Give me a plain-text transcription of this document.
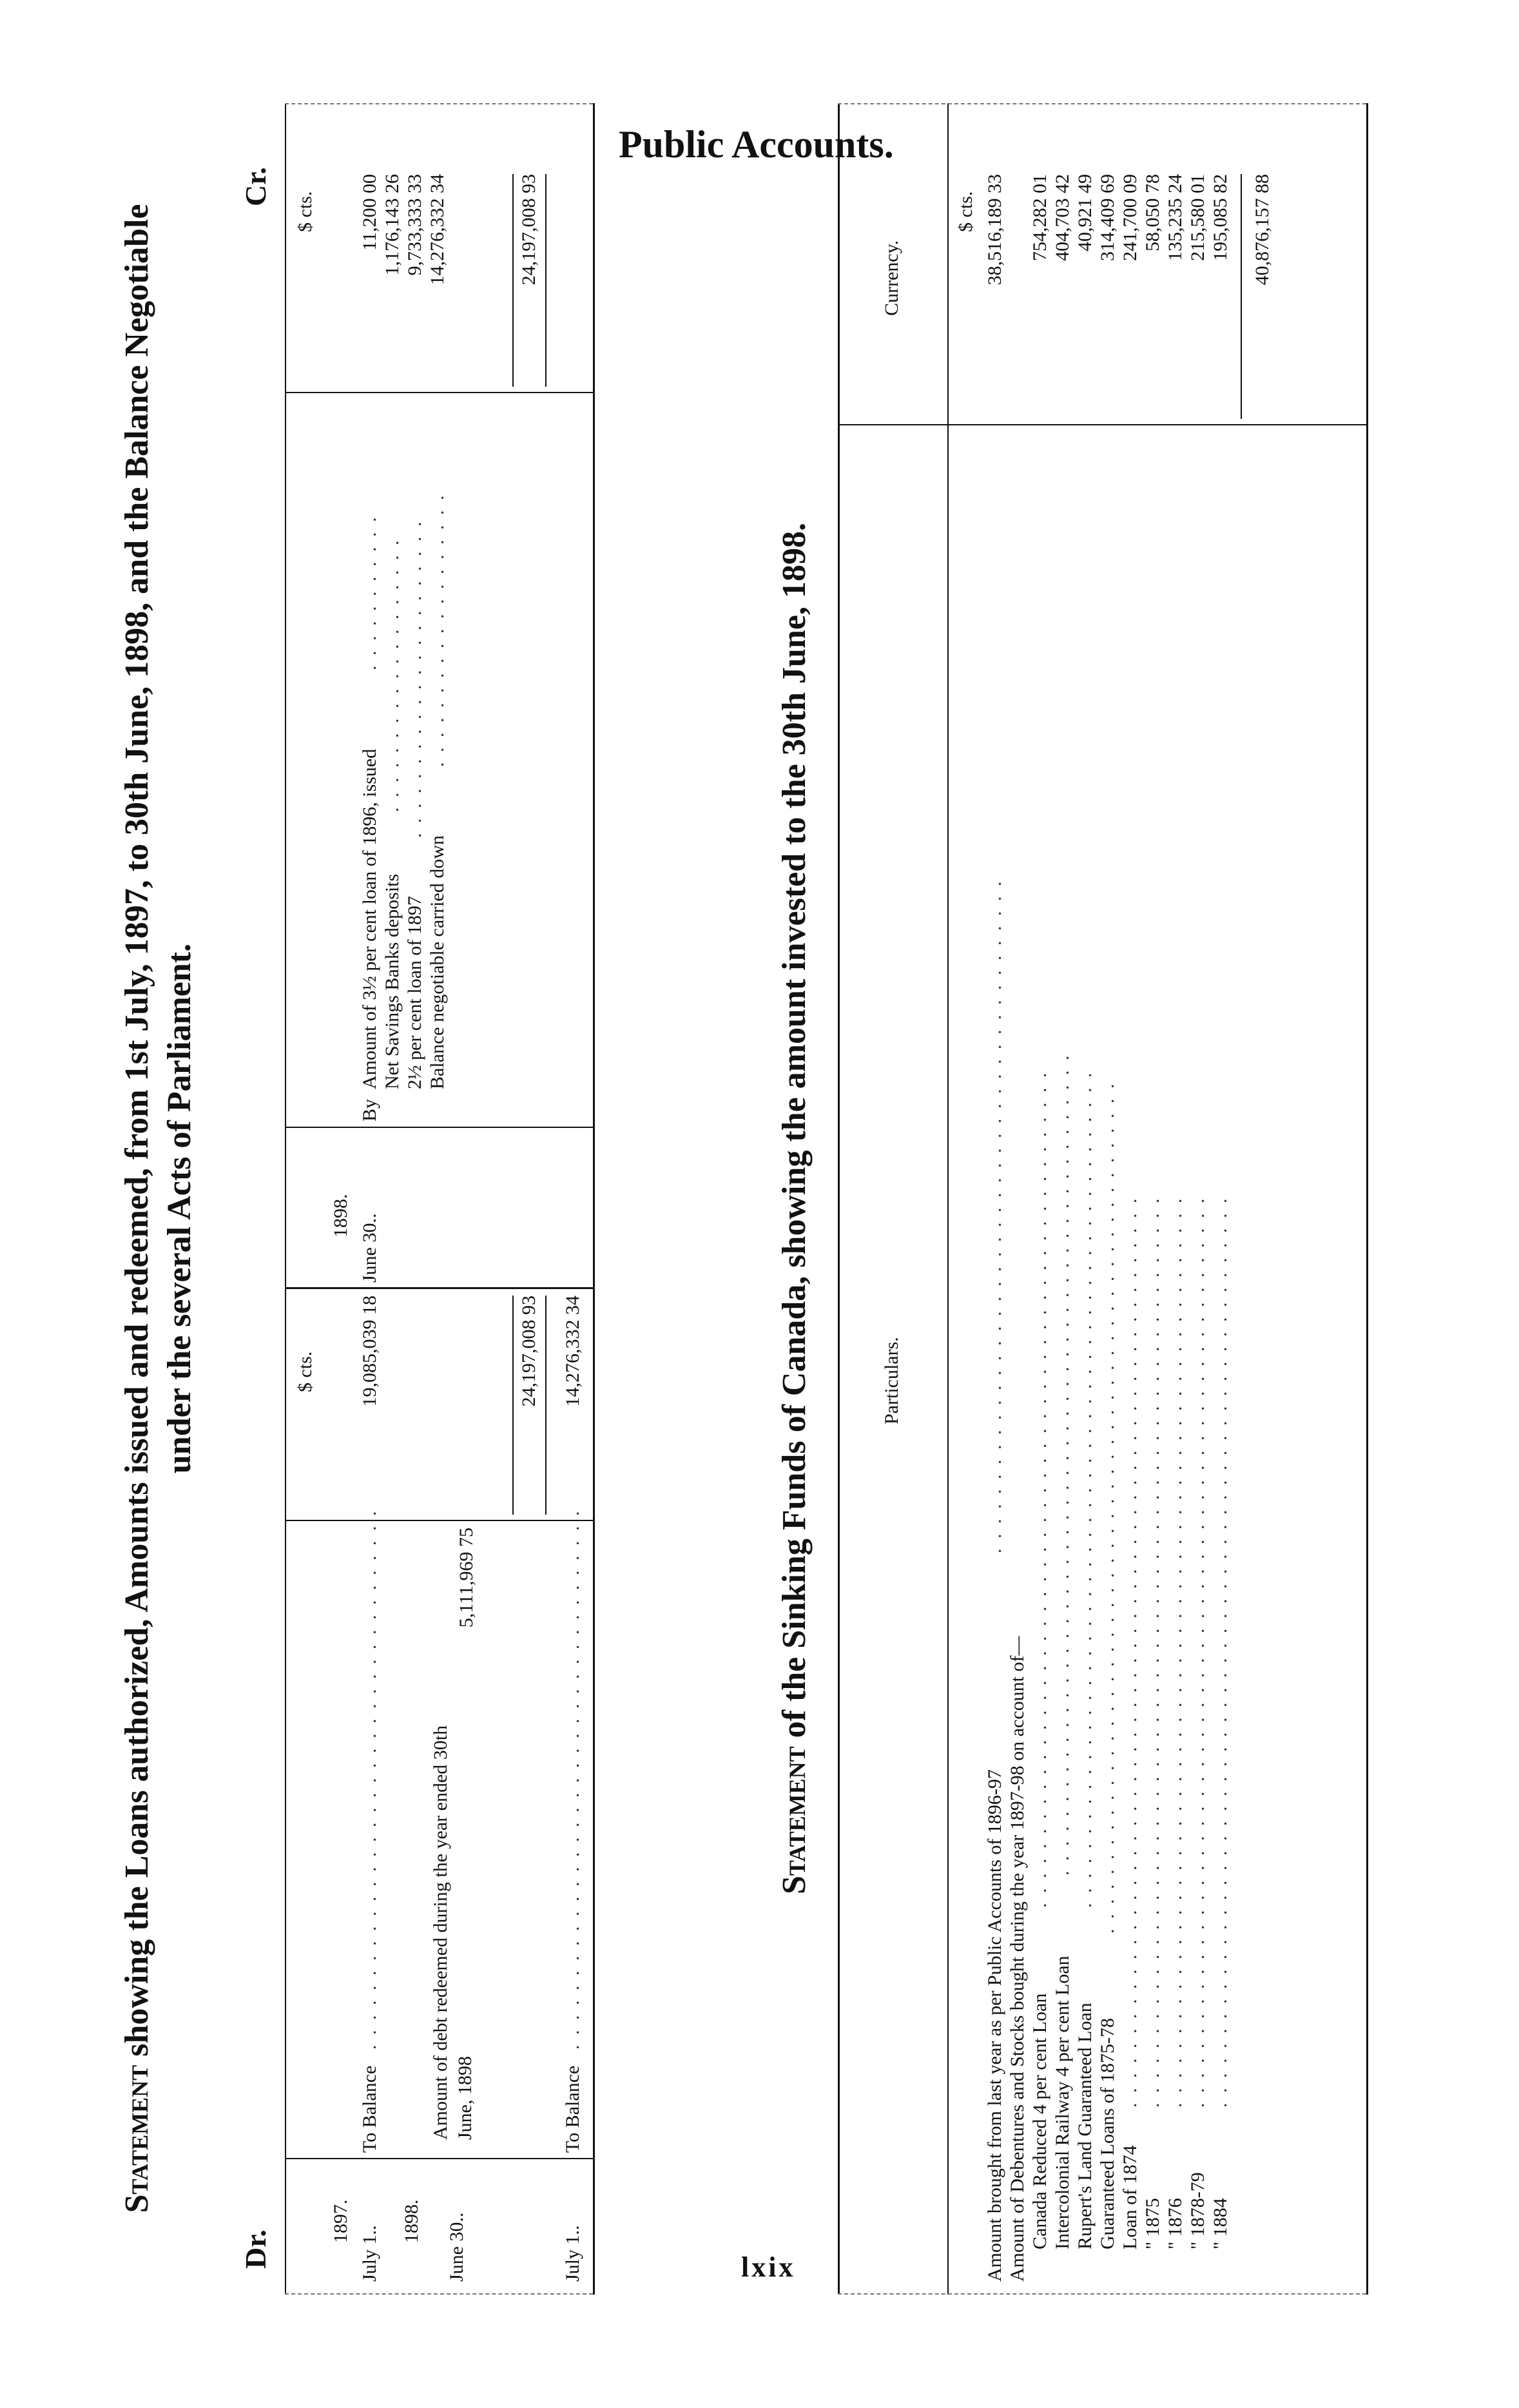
Public Accounts.
Statement showing the Loans authorized, Amounts issued and redeemed, from 1st July, 1897, to 30th June, 1898, and the Balance Negotiable under the several Acts of Parliament.
Dr.
Cr.
$ cts.
1897.
July 1..
To Balance
. . . . . . . . . . . . . . . . . . . . . . . . . . . . . . . . . . . . .
19,085,039 18
1898. June 30..
Amount of debt redeemed during the year ended 30th June, 1898
5,111,969 75
24,197,008 93
July 1..
To Balance
. . . . . . . . . . . . . . . . . . . . . . . . . . . . . . . . . . . . .
14,276,332 34
1898.
$ cts.
June 30..
By
Amount of 3½ per cent loan of 1896, issued
. . . . . . . . . . .
11,200 00
Net Savings Banks deposits
. . . . . . . . . . . . . . . . . . .
1,176,143 26
2½ per cent loan of 1897
. . . . . . . . . . . . . . . . . . . . . .
9,733,333 33
Balance negotiable carried down
. . . . . . . . . . . . . . . . . . .
14,276,332 34	24,197,008 93
Statement of the Sinking Funds of Canada, showing the amount invested to the 30th June, 1898.	Particulars.
Currency.
$ cts.
Amount brought from last year as per Public Accounts of 1896-97
. . . . . . . . . . . . . . . . . . . . . . . . . . . . . . . . . . . . . . . . . . . . . .
38,516,189 33
Amount of Debentures and Stocks bought during the year 1897-98 on account of— Canada Reduced 4 per cent Loan
. . . . . . . . . . . . . . . . . . . . . . . . . . . . . . . . . . . . . . . . . . . . . . . . . . . . . . . . .
754,282 01
Intercolonial Railway 4 per cent Loan
. . . . . . . . . . . . . . . . . . . . . . . . . . . . . . . . . . . . . . . . . . . . . . . . . . . . . . . .
404,703 42
Rupert's Land Guaranteed Loan
. . . . . . . . . . . . . . . . . . . . . . . . . . . . . . . . . . . . . . . . . . . . . . . . . . . . . . . . .
40,921 49
Guaranteed Loans of 1875-78
. . . . . . . . . . . . . . . . . . . . . . . . . . . . . . . . . . . . . . . . . . . . . . . . . . . . . . . . . .
314,409 69
Loan of 1874
. . . . . . . . . . . . . . . . . . . . . . . . . . . . . . . . . . . . . . . . . . . . . . . . . . . . . . . . . . . . . .
241,700 09
" 1875
. . . . . . . . . . . . . . . . . . . . . . . . . . . . . . . . . . . . . . . . . . . . . . . . . . . . . . . . . . . . . .
58,050 78
" 1876
. . . . . . . . . . . . . . . . . . . . . . . . . . . . . . . . . . . . . . . . . . . . . . . . . . . . . . . . . . . . . .
135,235 24
" 1878-79
. . . . . . . . . . . . . . . . . . . . . . . . . . . . . . . . . . . . . . . . . . . . . . . . . . . . . . . . . . . . . .
215,580 01
" 1884
. . . . . . . . . . . . . . . . . . . . . . . . . . . . . . . . . . . . . . . . . . . . . . . . . . . . . . . . . . . . . .
195,085 82 40,876,157 88
lxix
